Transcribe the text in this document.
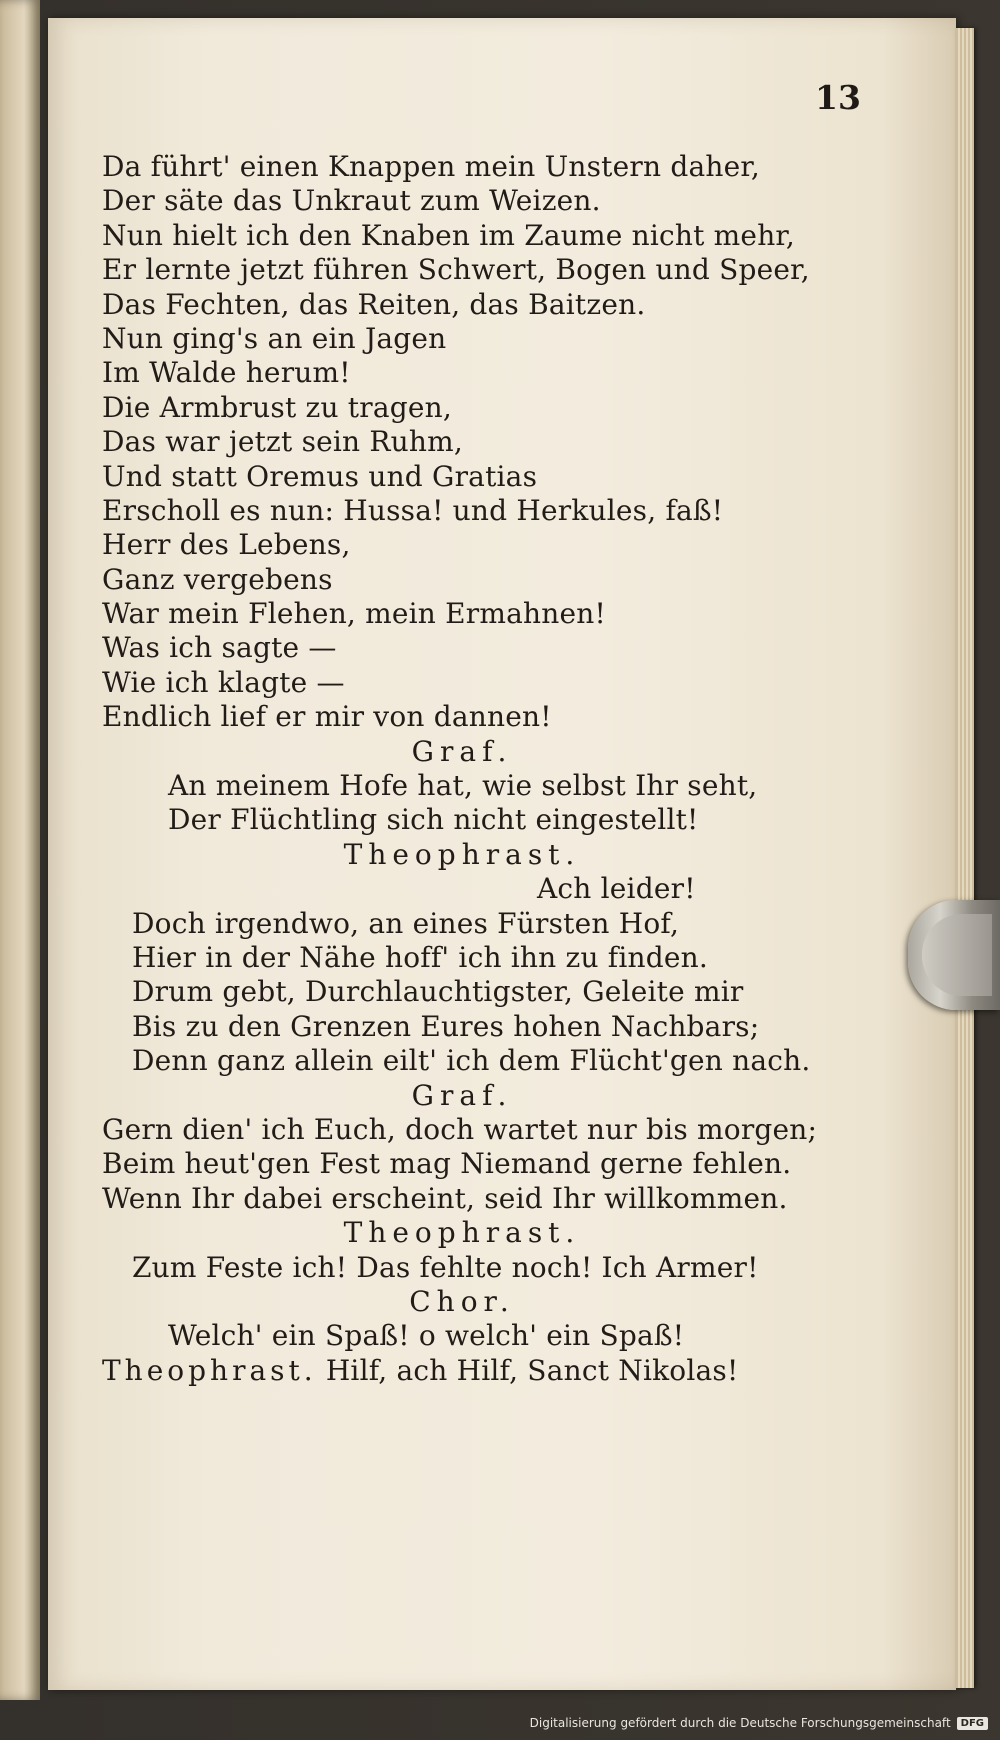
13
Da führt' einen Knappen mein Unstern daher,
Der säte das Unkraut zum Weizen.
Nun hielt ich den Knaben im Zaume nicht mehr,
Er lernte jetzt führen Schwert, Bogen und Speer,
Das Fechten, das Reiten, das Baitzen.
Nun ging's an ein Jagen
Im Walde herum!
Die Armbrust zu tragen,
Das war jetzt sein Ruhm,
Und statt Oremus und Gratias
Erscholl es nun: Hussa! und Herkules, faß!
Herr des Lebens,
Ganz vergebens
War mein Flehen, mein Ermahnen!
Was ich sagte —
Wie ich klagte —
Endlich lief er mir von dannen!
Graf.
An meinem Hofe hat, wie selbst Ihr seht,
Der Flüchtling sich nicht eingestellt!
Theophrast.
Ach leider!
Doch irgendwo, an eines Fürsten Hof,
Hier in der Nähe hoff' ich ihn zu finden.
Drum gebt, Durchlauchtigster, Geleite mir
Bis zu den Grenzen Eures hohen Nachbars;
Denn ganz allein eilt' ich dem Flücht'gen nach.
Graf.
Gern dien' ich Euch, doch wartet nur bis morgen;
Beim heut'gen Fest mag Niemand gerne fehlen.
Wenn Ihr dabei erscheint, seid Ihr willkommen.
Theophrast.
Zum Feste ich! Das fehlte noch! Ich Armer!
Chor.
Welch' ein Spaß! o welch' ein Spaß!
Theophrast. Hilf, ach Hilf, Sanct Nikolas!
Digitalisierung gefördert durch die Deutsche Forschungsgemeinschaft	DFG
